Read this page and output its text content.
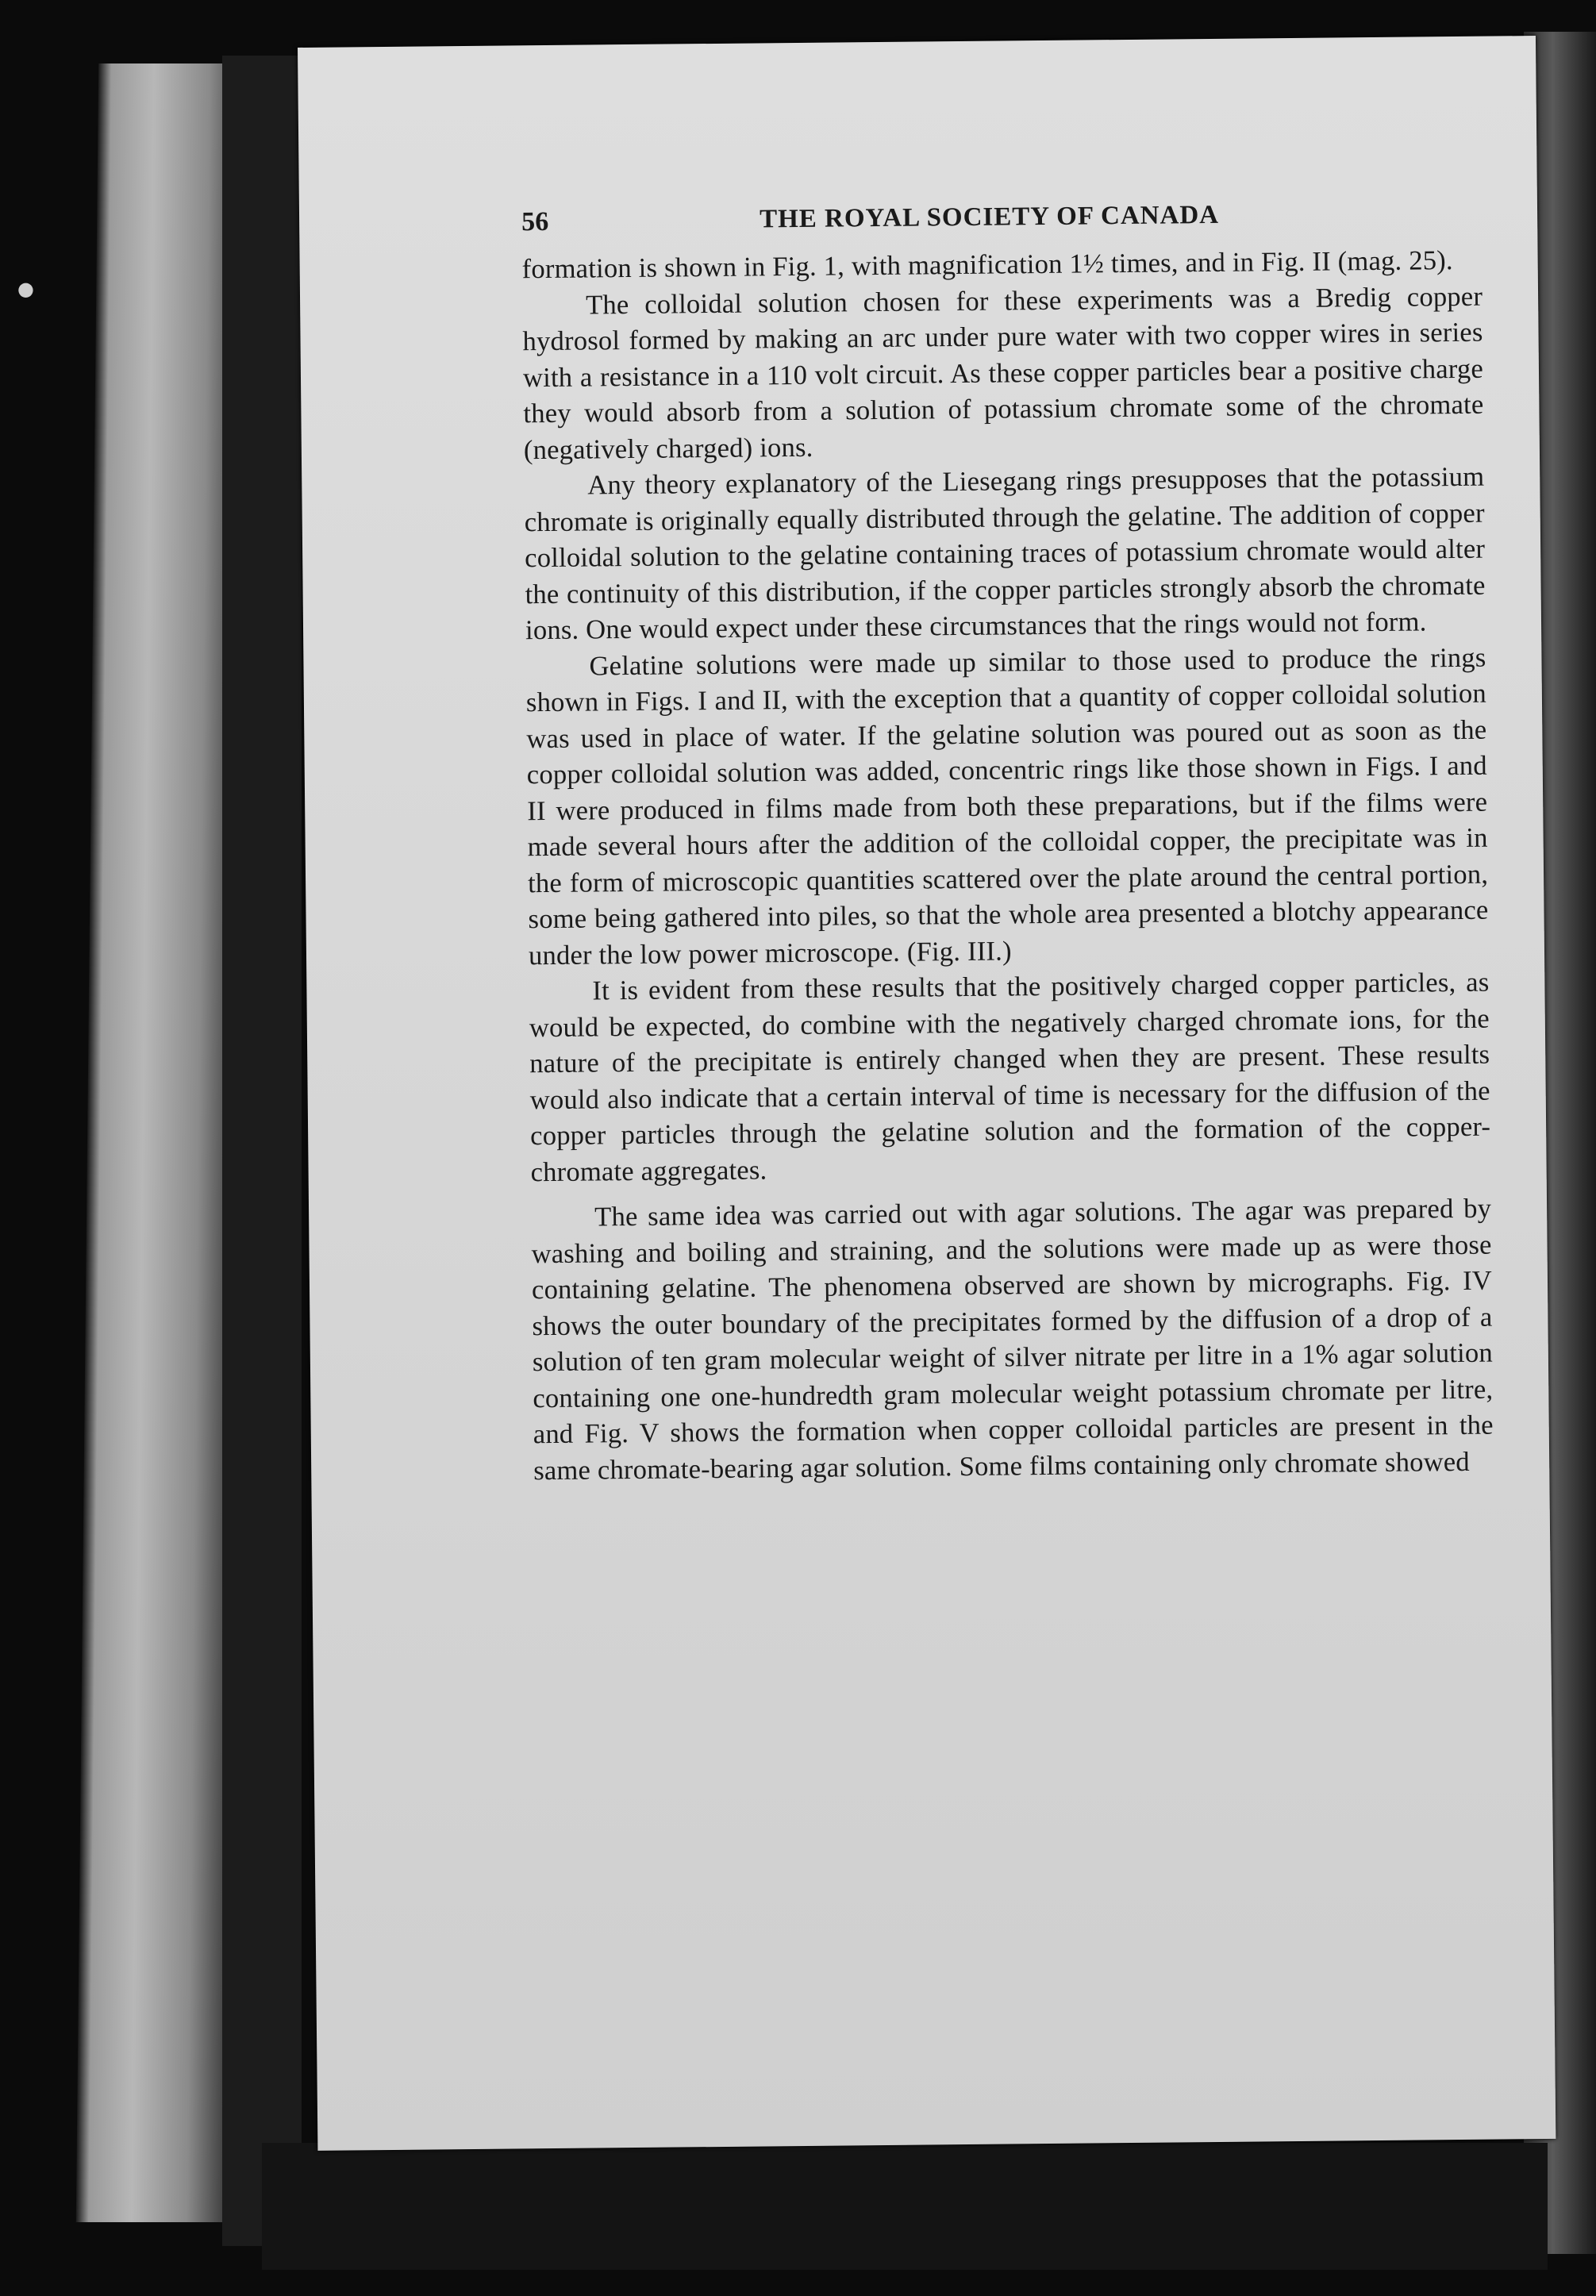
●
56	THE ROYAL SOCIETY OF CANADA

formation is shown in Fig. 1, with magnification 1½ times, and in Fig. II (mag. 25).

The colloidal solution chosen for these experiments was a Bredig copper hydrosol formed by making an arc under pure water with two copper wires in series with a resistance in a 110 volt circuit. As these copper particles bear a positive charge they would absorb from a solution of potassium chromate some of the chromate (negatively charged) ions.

Any theory explanatory of the Liesegang rings presupposes that the potassium chromate is originally equally distributed through the gelatine. The addition of copper colloidal solution to the gelatine containing traces of potassium chromate would alter the continuity of this distribution, if the copper particles strongly absorb the chromate ions. One would expect under these circumstances that the rings would not form.

Gelatine solutions were made up similar to those used to produce the rings shown in Figs. I and II, with the exception that a quantity of copper colloidal solution was used in place of water. If the gelatine solution was poured out as soon as the copper colloidal solution was added, concentric rings like those shown in Figs. I and II were produced in films made from both these preparations, but if the films were made several hours after the addition of the colloidal copper, the precipitate was in the form of microscopic quantities scattered over the plate around the central portion, some being gathered into piles, so that the whole area presented a blotchy appearance under the low power microscope. (Fig. III.)

It is evident from these results that the positively charged copper particles, as would be expected, do combine with the negatively charged chromate ions, for the nature of the precipitate is entirely changed when they are present. These results would also indicate that a certain interval of time is necessary for the diffusion of the copper particles through the gelatine solution and the formation of the copper-chromate aggregates.

The same idea was carried out with agar solutions. The agar was prepared by washing and boiling and straining, and the solutions were made up as were those containing gelatine. The phenomena observed are shown by micrographs. Fig. IV shows the outer boundary of the precipitates formed by the diffusion of a drop of a solution of ten gram molecular weight of silver nitrate per litre in a 1% agar solution containing one one-hundredth gram molecular weight potassium chromate per litre, and Fig. V shows the formation when copper colloidal particles are present in the same chromate-bearing agar solution. Some films containing only chromate showed
